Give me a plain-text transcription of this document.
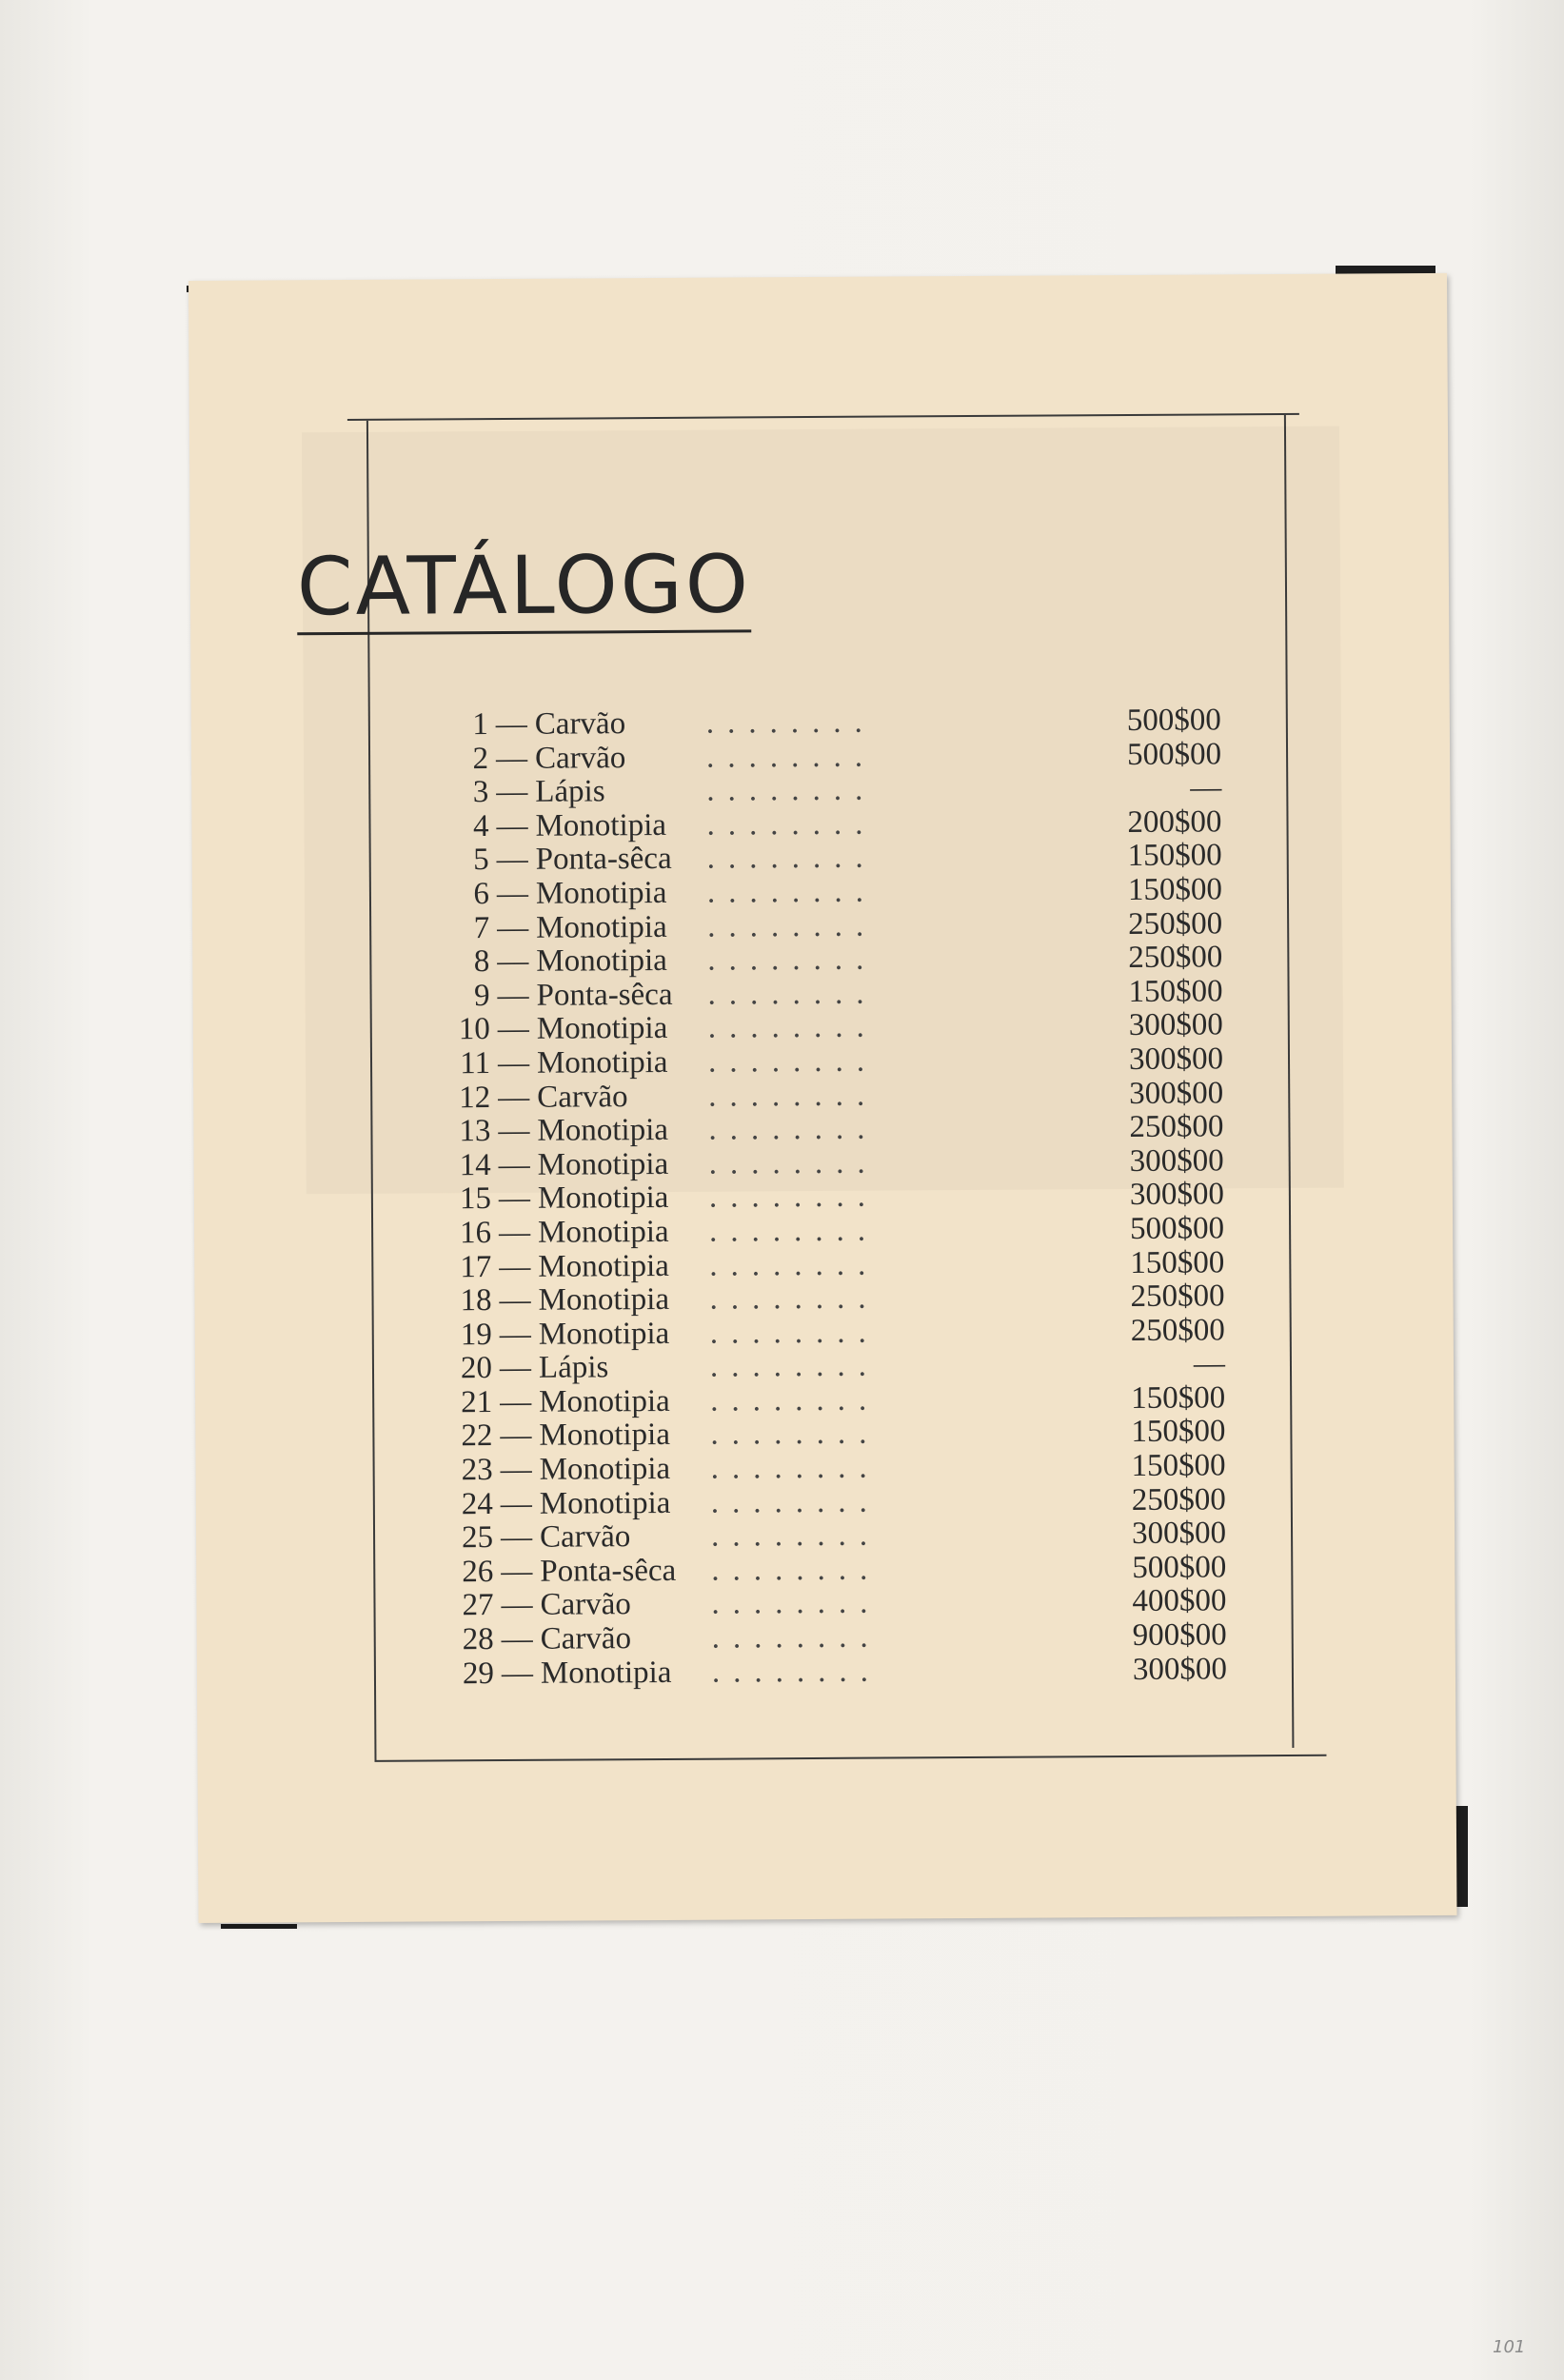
CATÁLOGO
1 — Carvão	........	500$00
2 — Carvão	........	500$00
3 — Lápis	........	—
4 — Monotipia	........	200$00
5 — Ponta-sêca	........	150$00
6 — Monotipia	........	150$00
7 — Monotipia	........	250$00
8 — Monotipia	........	250$00
9 — Ponta-sêca	........	150$00
10 — Monotipia	........	300$00
11 — Monotipia	........	300$00
12 — Carvão	........	300$00
13 — Monotipia	........	250$00
14 — Monotipia	........	300$00
15 — Monotipia	........	300$00
16 — Monotipia	........	500$00
17 — Monotipia	........	150$00
18 — Monotipia	........	250$00
19 — Monotipia	........	250$00
20 — Lápis	........	—
21 — Monotipia	........	150$00
22 — Monotipia	........	150$00
23 — Monotipia	........	150$00
24 — Monotipia	........	250$00
25 — Carvão	........	300$00
26 — Ponta-sêca	........	500$00
27 — Carvão	........	400$00
28 — Carvão	........	900$00
29 — Monotipia	........	300$00
101
